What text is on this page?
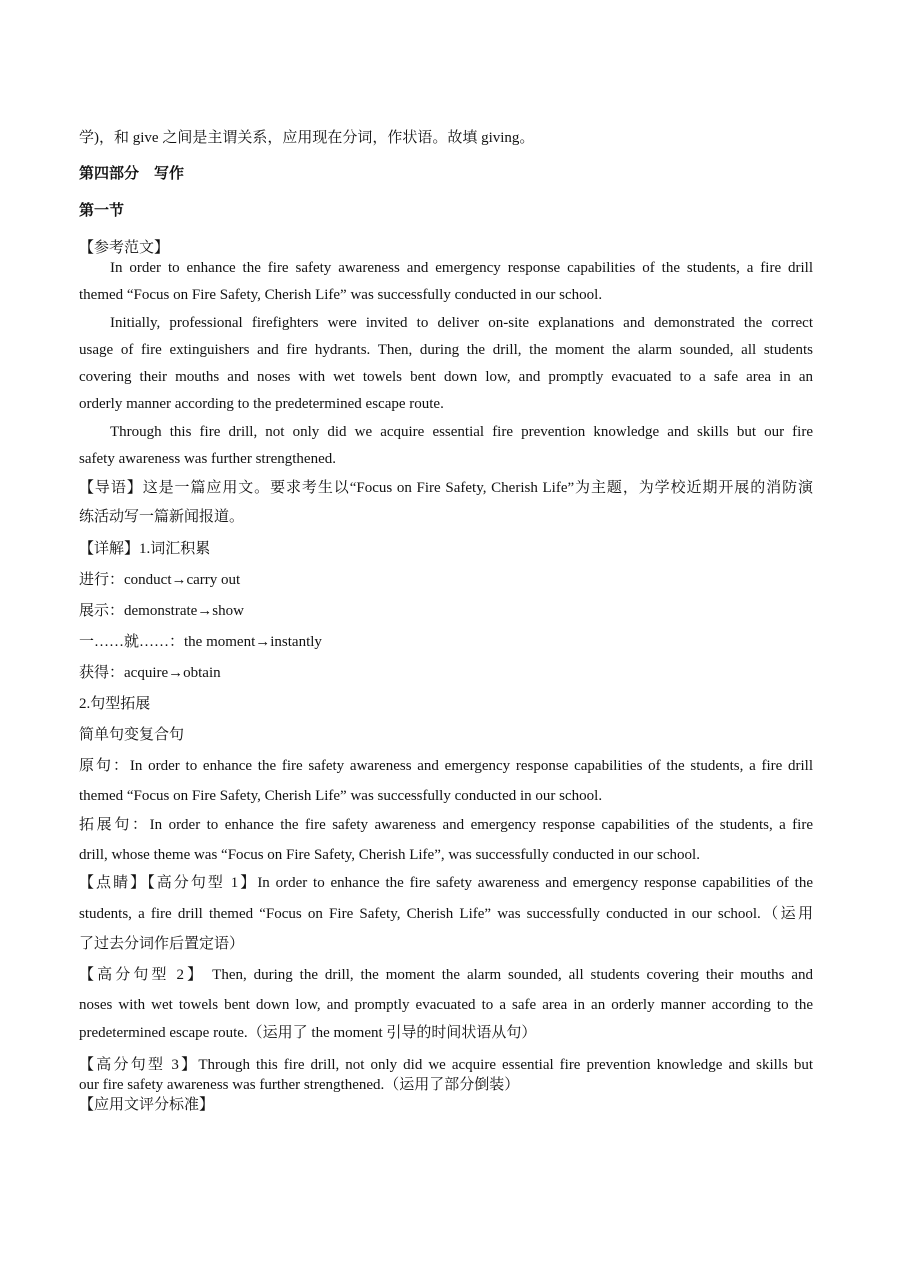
学)，和 give 之间是主谓关系，应用现在分词，作状语。故填 giving。
第四部分　写作
第一节
【参考范文】
In order to enhance the fire safety awareness and emergency response capabilities of the students, a fire drill
themed “Focus on Fire Safety, Cherish Life” was successfully conducted in our school.
Initially, professional firefighters were invited to deliver on-site explanations and demonstrated the correct
usage of fire extinguishers and fire hydrants. Then, during the drill, the moment the alarm sounded, all students
covering their mouths and noses with wet towels bent down low, and promptly evacuated to a safe area in an
orderly manner according to the predetermined escape route.
Through this fire drill, not only did we acquire essential fire prevention knowledge and skills but our fire
safety awareness was further strengthened.
【导语】这是一篇应用文。要求考生以“Focus on Fire Safety, Cherish Life”为主题，为学校近期开展的消防演
练活动写一篇新闻报道。
【详解】1.词汇积累
进行：conduct→carry out
展示：demonstrate→show
一……就……：the moment→instantly
获得：acquire→obtain
2.句型拓展
简单句变复合句
原句：In order to enhance the fire safety awareness and emergency response capabilities of the students, a fire drill
themed “Focus on Fire Safety, Cherish Life” was successfully conducted in our school.
拓展句：In order to enhance the fire safety awareness and emergency response capabilities of the students, a fire
drill, whose theme was “Focus on Fire Safety, Cherish Life”, was successfully conducted in our school.
【点睛】【高分句型 1】In order to enhance the fire safety awareness and emergency response capabilities of the
students, a fire drill themed “Focus on Fire Safety, Cherish Life” was successfully conducted in our school.（运用
了过去分词作后置定语）
【高分句型 2】 Then, during the drill, the moment the alarm sounded, all students covering their mouths and
noses with wet towels bent down low, and promptly evacuated to a safe area in an orderly manner according to the
predetermined escape route.（运用了 the moment 引导的时间状语从句）
【高分句型 3】Through this fire drill, not only did we acquire essential fire prevention knowledge and skills but
our fire safety awareness was further strengthened.（运用了部分倒装）
【应用文评分标准】
